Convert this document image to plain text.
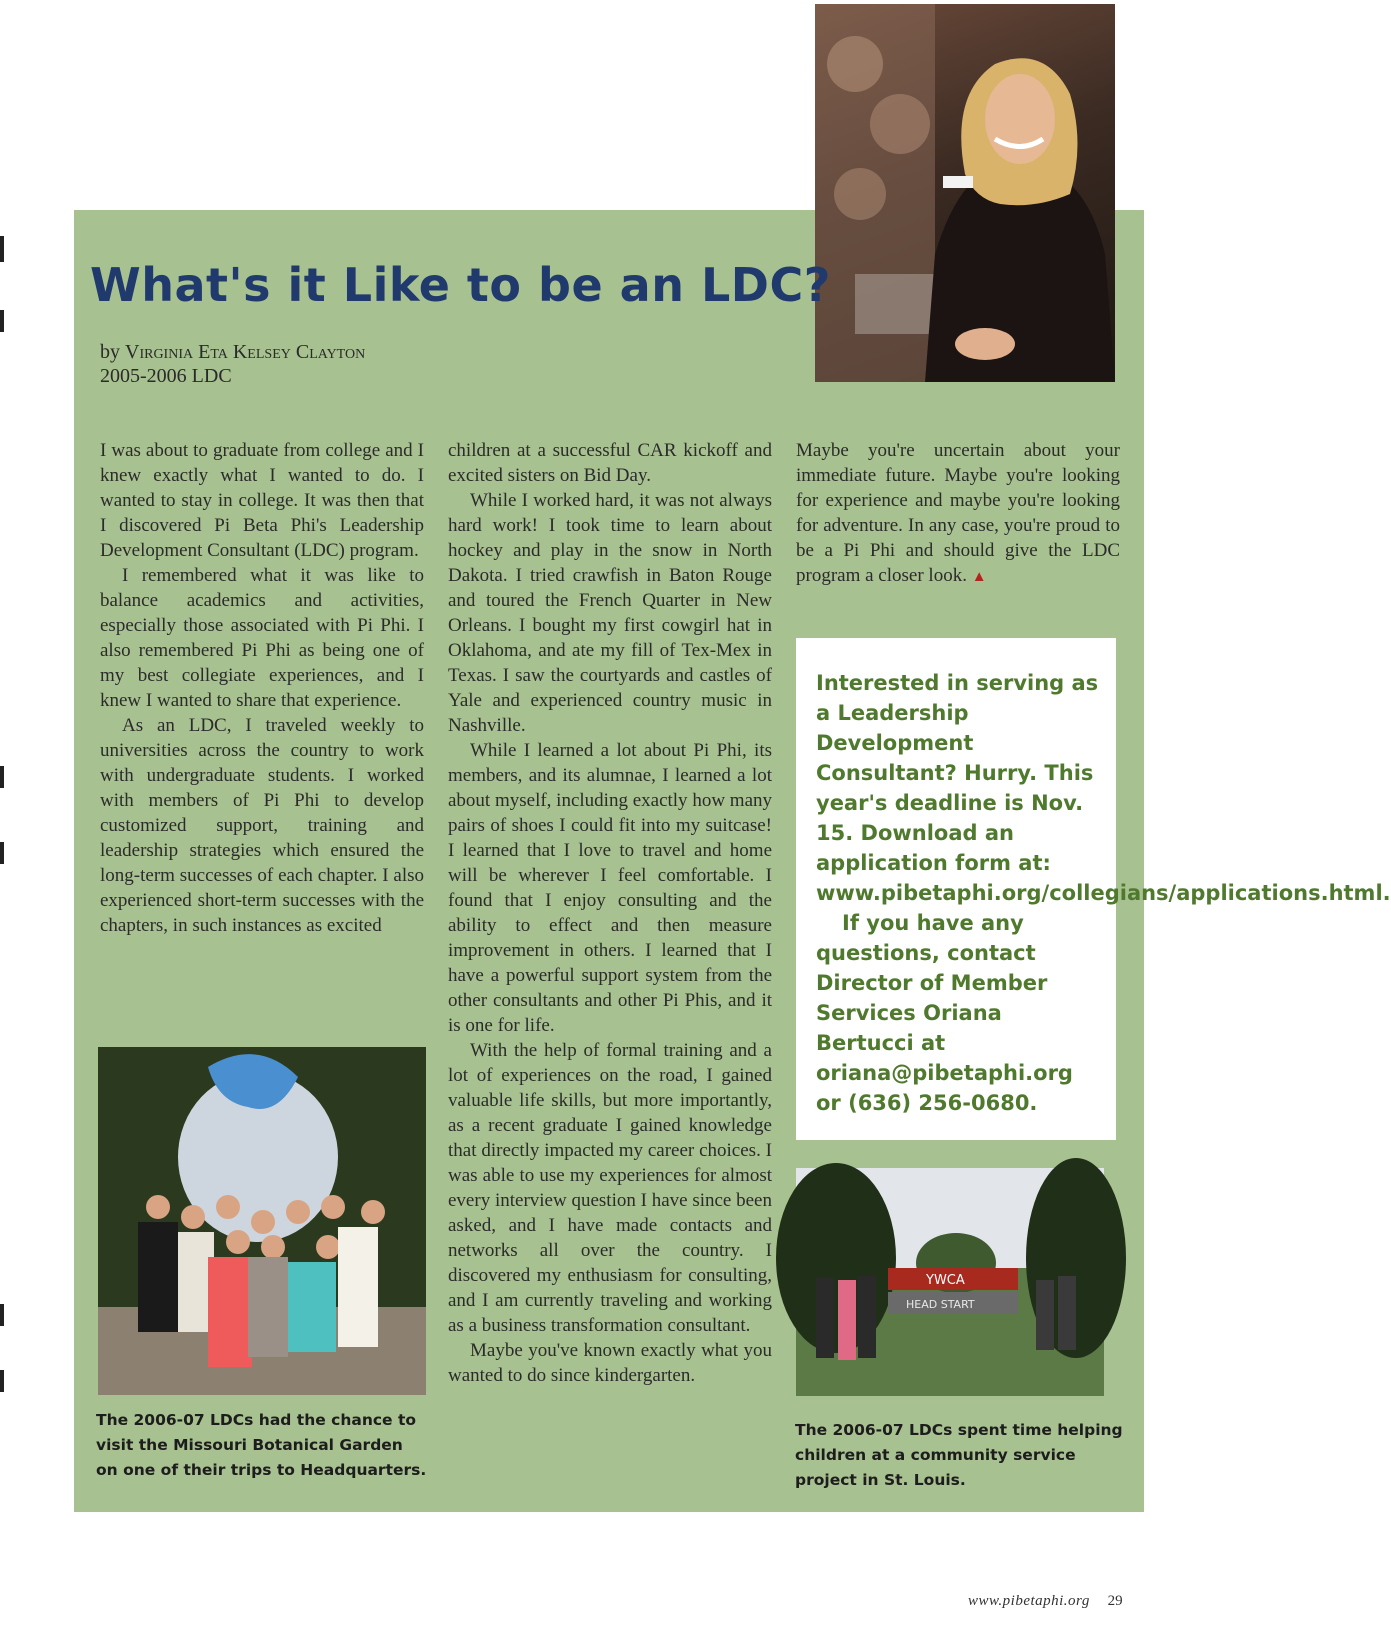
What's it Like to be an LDC?
by Virginia Eta Kelsey Clayton
2005-2006 LDC

I was about to graduate from college and I knew exactly what I wanted to do. I wanted to stay in college. It was then that I discovered Pi Beta Phi's Leadership Development Consultant (LDC) program.

I remembered what it was like to balance academics and activities, especially those associated with Pi Phi. I also remembered Pi Phi as being one of my best collegiate experiences, and I knew I wanted to share that experience.

As an LDC, I traveled weekly to universities across the country to work with undergraduate students. I worked with members of Pi Phi to develop customized support, training and leadership strategies which ensured the long-term successes of each chapter. I also experienced short-term successes with the chapters, in such instances as excited

children at a successful CAR kickoff and excited sisters on Bid Day.

While I worked hard, it was not always hard work! I took time to learn about hockey and play in the snow in North Dakota. I tried crawfish in Baton Rouge and toured the French Quarter in New Orleans. I bought my first cowgirl hat in Oklahoma, and ate my fill of Tex-Mex in Texas. I saw the courtyards and castles of Yale and experienced country music in Nashville.

While I learned a lot about Pi Phi, its members, and its alumnae, I learned a lot about myself, including exactly how many pairs of shoes I could fit into my suitcase! I learned that I love to travel and home will be wherever I feel comfortable. I found that I enjoy consulting and the ability to effect and then measure improvement in others. I learned that I have a powerful support system from the other consultants and other Pi Phis, and it is one for life.

With the help of formal training and a lot of experiences on the road, I gained valuable life skills, but more importantly, as a recent graduate I gained knowledge that directly impacted my career choices. I was able to use my experiences for almost every interview question I have since been asked, and I have made contacts and networks all over the country. I discovered my enthusiasm for consulting, and I am currently traveling and working as a business transformation consultant.

Maybe you've known exactly what you wanted to do since kindergarten.

Maybe you're uncertain about your immediate future. Maybe you're looking for experience and maybe you're looking for adventure. In any case, you're proud to be a Pi Phi and should give the LDC program a closer look. ▲

Interested in serving as a Leadership Development Consultant? Hurry. This year's deadline is Nov. 15. Download an application form at: www.pibetaphi.org/collegians/applications.html.

If you have any questions, contact Director of Member Services Oriana Bertucci at oriana@pibetaphi.org or (636) 256-0680.

The 2006-07 LDCs had the chance to visit the Missouri Botanical Garden on one of their trips to Headquarters.
YWCA
HEAD START
The 2006-07 LDCs spent time helping children at a community service project in St. Louis.
www.pibetaphi.org 29
